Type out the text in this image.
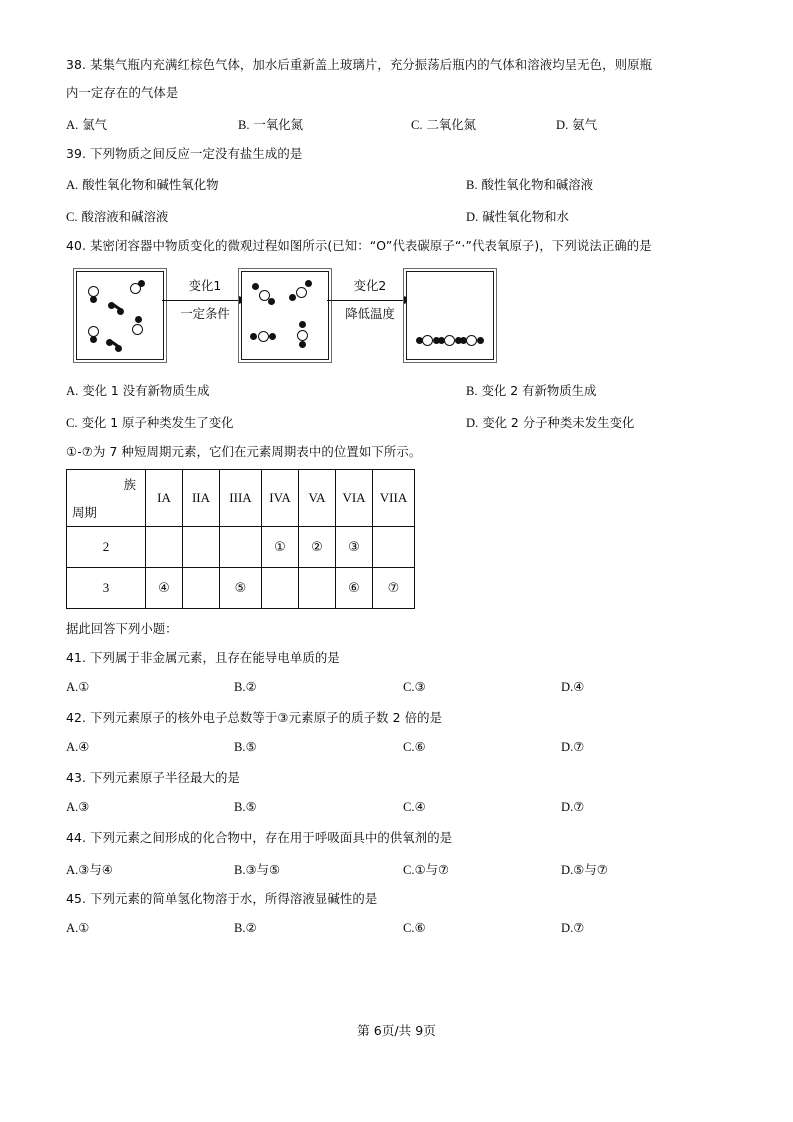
38. 某集气瓶内充满红棕色气体，加水后重新盖上玻璃片，充分振荡后瓶内的气体和溶液均呈无色，则原瓶
内一定存在的气体是
A. 氯气	B. 一氧化氮	C. 二氧化氮	D. 氨气
39. 下列物质之间反应一定没有盐生成的是
A. 酸性氧化物和碱性氧化物	B. 酸性氧化物和碱溶液
C. 酸溶液和碱溶液	D. 碱性氧化物和水
40. 某密闭容器中物质变化的微观过程如图所示(已知：“O”代表碳原子“·”代表氧原子)，下列说法正确的是
变化1
一定条件
变化2
降低温度
A. 变化 1 没有新物质生成	B. 变化 2 有新物质生成
C. 变化 1 原子种类发生了变化	D. 变化 2 分子种类未发生变化
①-⑦为 7 种短周期元素，它们在元素周期表中的位置如下所示。
族
周期	IA	IIA	IIIA	IVA	VA	VIA	VIIA
2				①	②	③	
3	④		⑤			⑥	⑦
据此回答下列小题：
41. 下列属于非金属元素，且存在能导电单质的是
A.①	B.②	C.③	D.④
42. 下列元素原子的核外电子总数等于③元素原子的质子数 2 倍的是
A.④	B.⑤	C.⑥	D.⑦
43. 下列元素原子半径最大的是
A.③	B.⑤	C.④	D.⑦
44. 下列元素之间形成的化合物中，存在用于呼吸面具中的供氧剂的是
A.③与④	B.③与⑤	C.①与⑦	D.⑤与⑦
45. 下列元素的简单氢化物溶于水，所得溶液显碱性的是
A.①	B.②	C.⑥	D.⑦
第 6页/共 9页
